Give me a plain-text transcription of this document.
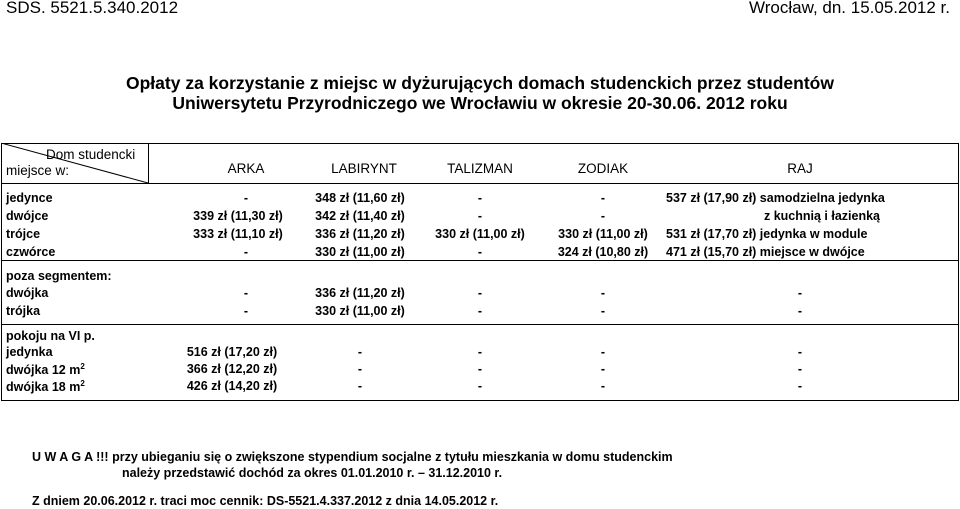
SDS. 5521.5.340.2012	Wrocław, dn. 15.05.2012 r.
Opłaty za korzystanie z miejsc w dyżurujących domach studenckich przez studentów
Uniwersytetu Przyrodniczego we Wrocławiu w okresie 20-30.06. 2012 roku
Dom studencki
miejsce w:	ARKA	LABIRYNT	TALIZMAN	ZODIAK	RAJ
jedynce	-	348 zł (11,60 zł)	-	-	537 zł (17,90 zł) samodzielna jedynka
dwójce	339 zł (11,30 zł)	342 zł (11,40 zł)	-	-	z kuchnią i łazienką
trójce	333 zł (11,10 zł)	336 zł (11,20 zł)	330 zł (11,00 zł)	330 zł (11,00 zł)	531 zł (17,70 zł) jedynka w module
czwórce	-	330 zł (11,00 zł)	-	324 zł (10,80 zł)	471 zł (15,70 zł) miejsce w dwójce
poza segmentem:
dwójka	-	336 zł (11,20 zł)	-	-	-
trójka	-	330 zł (11,00 zł)	-	-	-
pokoju na VI p.
jedynka	516 zł (17,20 zł)	-	-	-	-
dwójka 12 $m^2$	366 zł (12,20 zł)	-	-	-	-
dwójka 18 $m^2$	426 zł (14,20 zł)	-	-	-	-
U W A G A !!! przy ubieganiu się o zwiększone stypendium socjalne z tytułu mieszkania w domu studenckim
należy przedstawić dochód za okres 01.01.2010 r. – 31.12.2010 r.
Z dniem 20.06.2012 r. traci moc cennik: DS-5521.4.337.2012 z dnia 14.05.2012 r.
